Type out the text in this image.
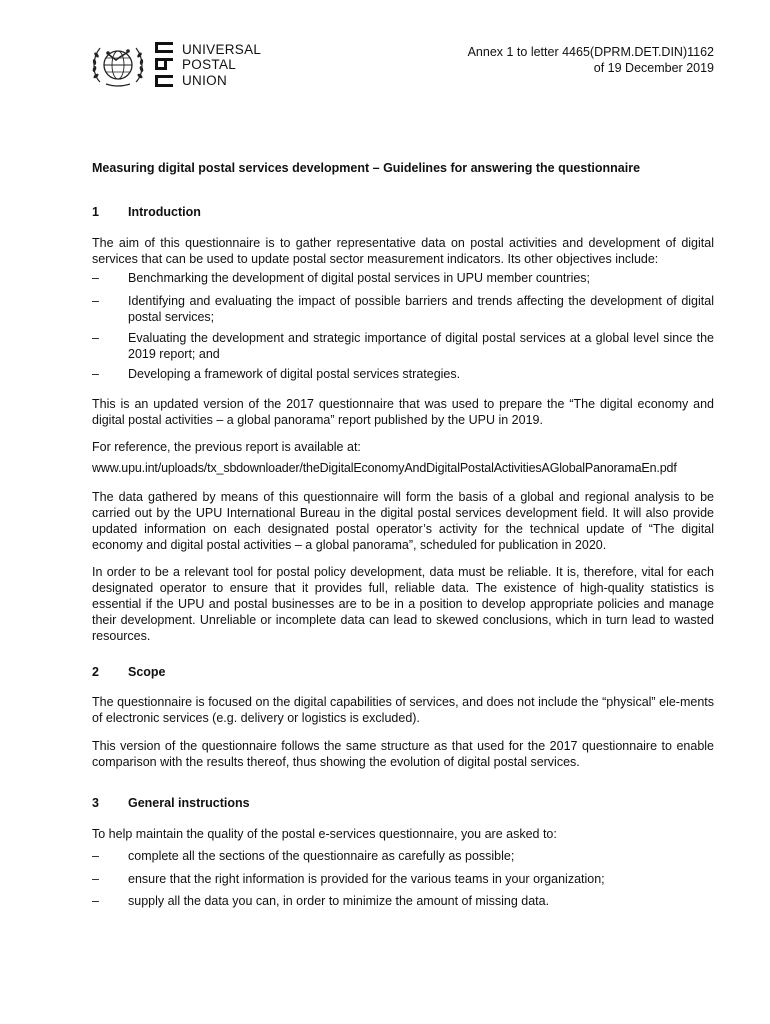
UNIVERSAL
POSTAL
UNION
Annex 1 to letter 4465(DPRM.DET.DIN)1162
of 19 December 2019
Measuring digital postal services development – Guidelines for answering the questionnaire
1	Introduction

The aim of this questionnaire is to gather representative data on postal activities and development of digital services that can be used to update postal sector measurement indicators. Its other objectives include:

–	Benchmarking the development of digital postal services in UPU member countries;
–	Identifying and evaluating the impact of possible barriers and trends affecting the development of digital postal services;
–	Evaluating the development and strategic importance of digital postal services at a global level since the 2019 report; and
–	Developing a framework of digital postal services strategies.

This is an updated version of the 2017 questionnaire that was used to prepare the “The digital economy and digital postal activities – a global panorama” report published by the UPU in 2019.

For reference, the previous report is available at:

www.upu.int/uploads/tx_sbdownloader/theDigitalEconomyAndDigitalPostalActivitiesAGlobalPanoramaEn.pdf

The data gathered by means of this questionnaire will form the basis of a global and regional analysis to be carried out by the UPU International Bureau in the digital postal services development field. It will also provide updated information on each designated postal operator’s activity for the technical update of “The digital economy and digital postal activities – a global panorama”, scheduled for publication in 2020.

In order to be a relevant tool for postal policy development, data must be reliable. It is, therefore, vital for each designated operator to ensure that it provides full, reliable data. The existence of high-quality statistics is essential if the UPU and postal businesses are to be in a position to develop appropriate policies and manage their development. Unreliable or incomplete data can lead to skewed conclusions, which in turn lead to wasted resources.

2	Scope

The questionnaire is focused on the digital capabilities of services, and does not include the “physical” ele-ments of electronic services (e.g. delivery or logistics is excluded).

This version of the questionnaire follows the same structure as that used for the 2017 questionnaire to enable comparison with the results thereof, thus showing the evolution of digital postal services.

3	General instructions

To help maintain the quality of the postal e-services questionnaire, you are asked to:

–	complete all the sections of the questionnaire as carefully as possible;
–	ensure that the right information is provided for the various teams in your organization;
–	supply all the data you can, in order to minimize the amount of missing data.
